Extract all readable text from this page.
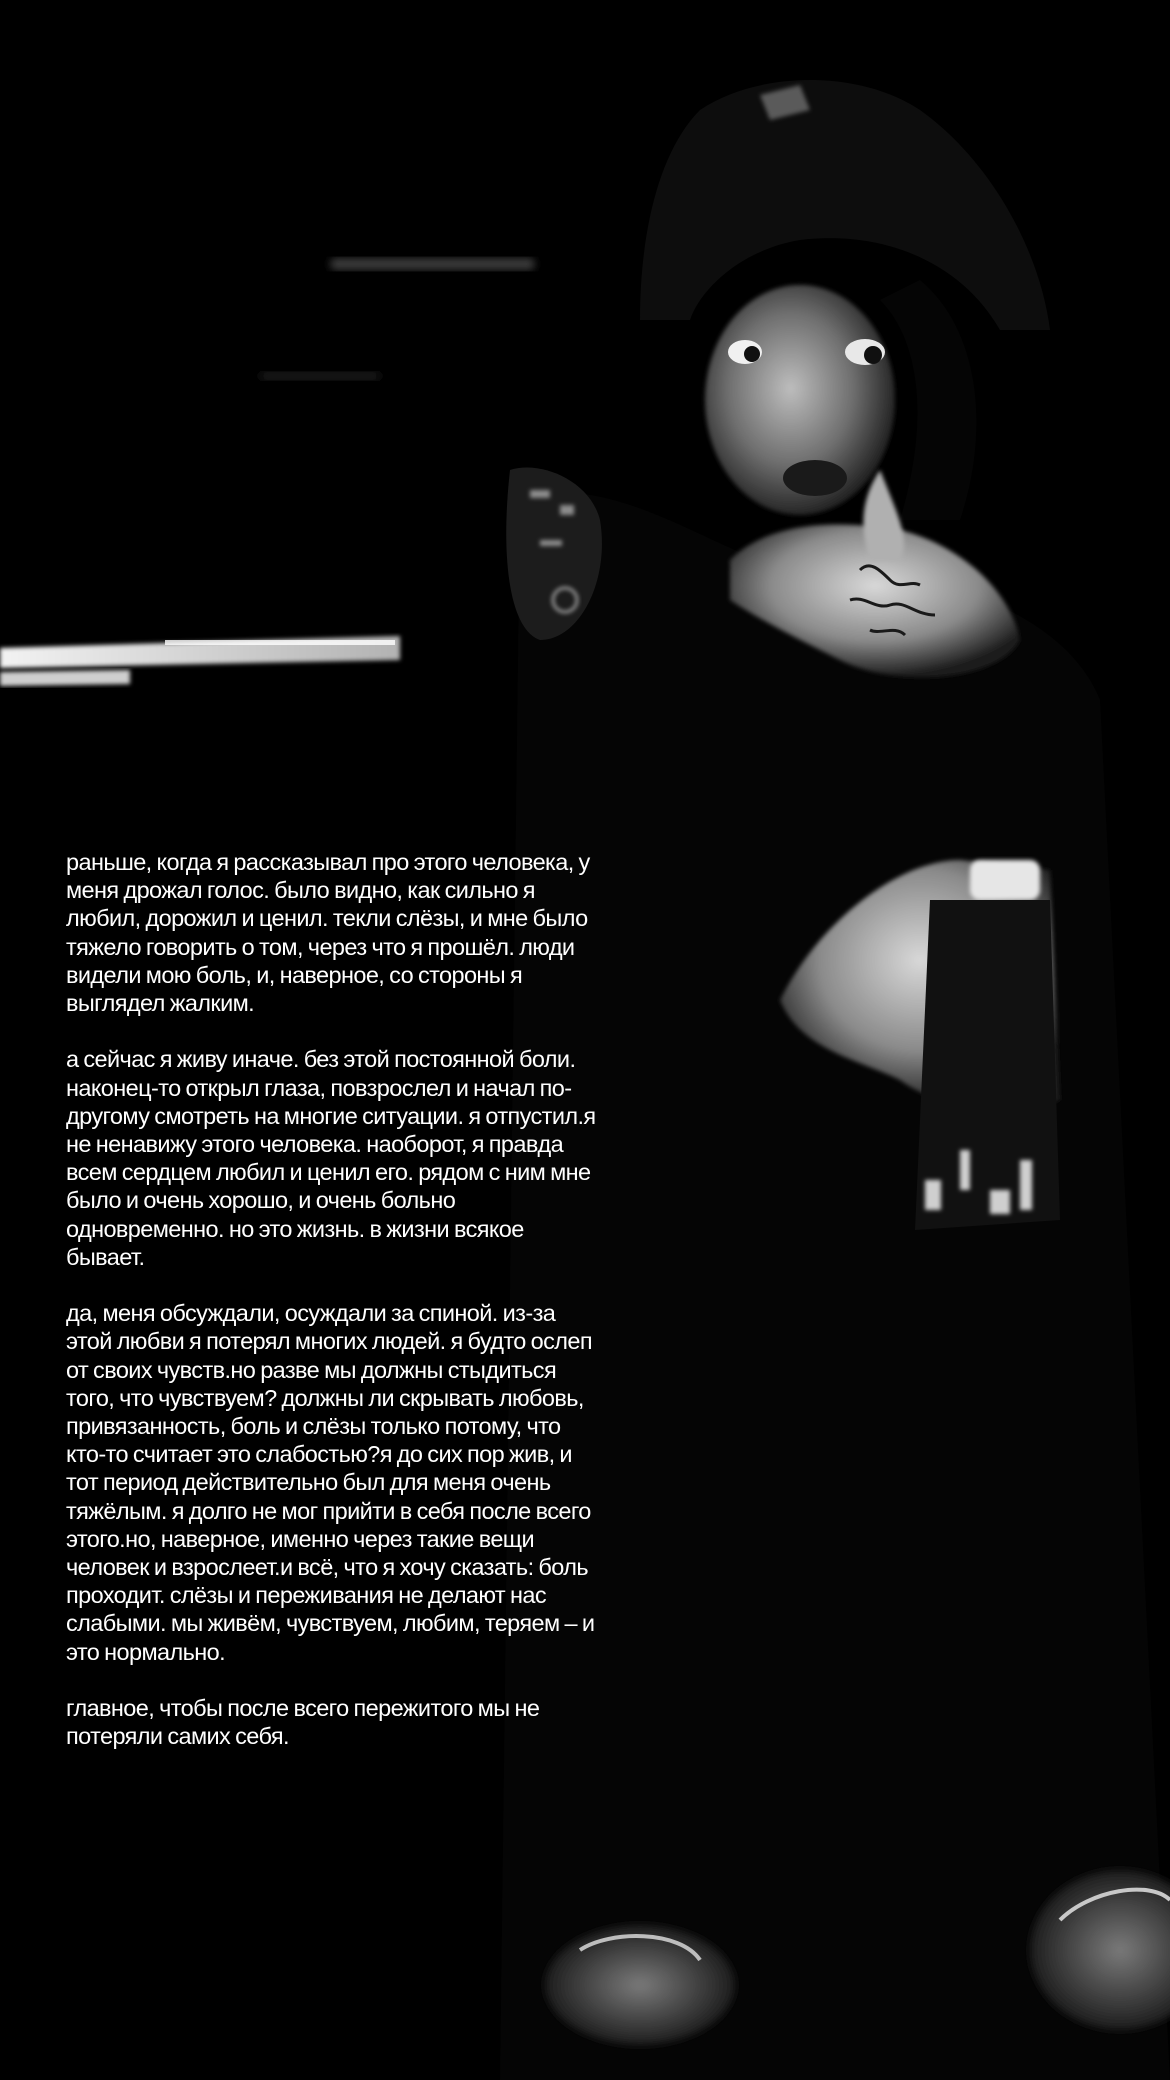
раньше, когда я рассказывал про этого человека, у меня дрожал голос. было видно, как сильно я любил, дорожил и ценил. текли слёзы, и мне было тяжело говорить о том, через что я прошёл. люди видели мою боль, и, наверное, со стороны я выглядел жалким.

а сейчас я живу иначе. без этой постоянной боли. наконец-то открыл глаза, повзрослел и начал по-другому смотреть на многие ситуации. я отпустил.я не ненавижу этого человека. наоборот, я правда всем сердцем любил и ценил его. рядом с ним мне было и очень хорошо, и очень больно одновременно. но это жизнь. в жизни всякое бывает.

да, меня обсуждали, осуждали за спиной. из-за этой любви я потерял многих людей. я будто ослеп от своих чувств.но разве мы должны стыдиться того, что чувствуем? должны ли скрывать любовь, привязанность, боль и слёзы только потому, что кто-то считает это слабостью?я до сих пор жив, и тот период действительно был для меня очень тяжёлым. я долго не мог прийти в себя после всего этого.но, наверное, именно через такие вещи человек и взрослеет.и всё, что я хочу сказать: боль проходит. слёзы и переживания не делают нас слабыми. мы живём, чувствуем, любим, теряем – и это нормально.

главное, чтобы после всего пережитого мы не потеряли самих себя.
